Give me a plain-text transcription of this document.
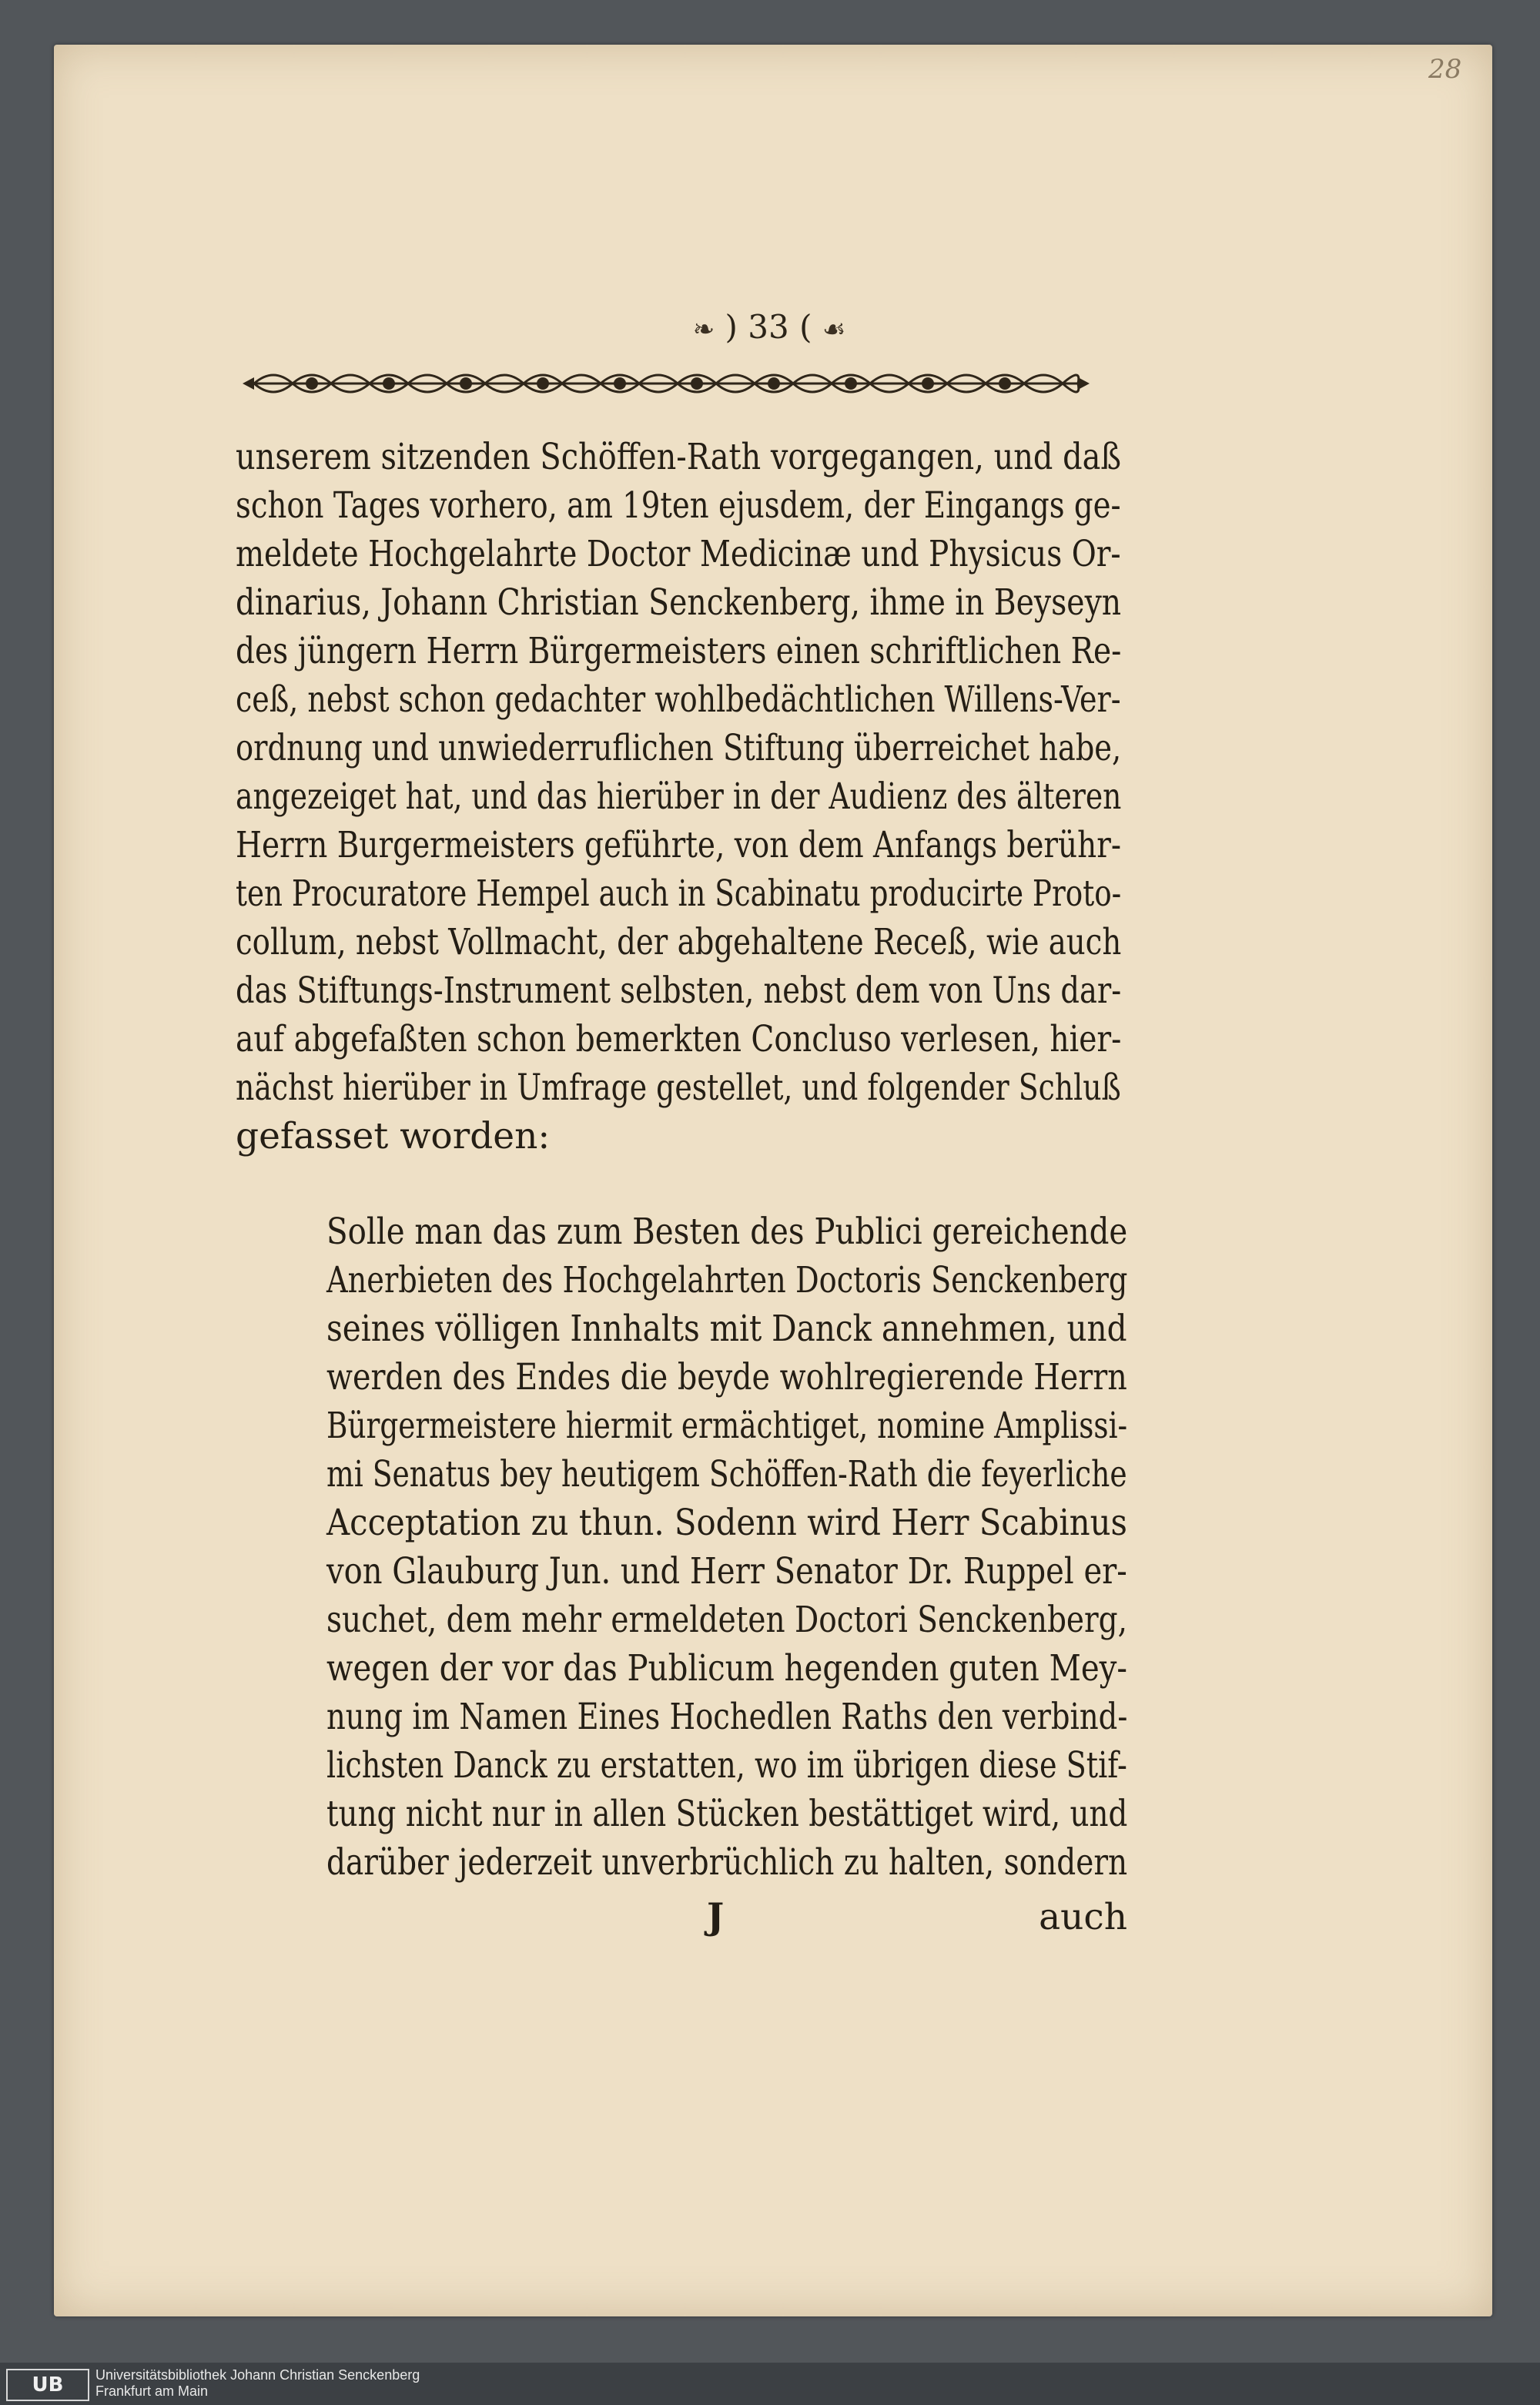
28
❧ ) 33 ( ☙
unserem sitzenden Schöffen-Rath vorgegangen, und daß
schon Tages vorhero, am 19ten ejusdem, der Eingangs ge-
meldete Hochgelahrte Doctor Medicinæ und Physicus Or-
dinarius, Johann Christian Senckenberg, ihme in Beyseyn
des jüngern Herrn Bürgermeisters einen schriftlichen Re-
ceß, nebst schon gedachter wohlbedächtlichen Willens-Ver-
ordnung und unwiederruflichen Stiftung überreichet habe,
angezeiget hat, und das hierüber in der Audienz des älteren
Herrn Burgermeisters geführte, von dem Anfangs berühr-
ten Procuratore Hempel auch in Scabinatu producirte Proto-
collum, nebst Vollmacht, der abgehaltene Receß, wie auch
das Stiftungs-Instrument selbsten, nebst dem von Uns dar-
auf abgefaßten schon bemerkten Concluso verlesen, hier-
nächst hierüber in Umfrage gestellet, und folgender Schluß
gefasset worden:
Solle man das zum Besten des Publici gereichende
Anerbieten des Hochgelahrten Doctoris Senckenberg
seines völligen Innhalts mit Danck annehmen, und
werden des Endes die beyde wohlregierende Herrn
Bürgermeistere hiermit ermächtiget, nomine Amplissi-
mi Senatus bey heutigem Schöffen-Rath die feyerliche
Acceptation zu thun. Sodenn wird Herr Scabinus
von Glauburg Jun. und Herr Senator Dr. Ruppel er-
suchet, dem mehr ermeldeten Doctori Senckenberg,
wegen der vor das Publicum hegenden guten Mey-
nung im Namen Eines Hochedlen Raths den verbind-
lichsten Danck zu erstatten, wo im übrigen diese Stif-
tung nicht nur in allen Stücken bestättiget wird, und
darüber jederzeit unverbrüchlich zu halten, sondern
J	auch
UB	Universitätsbibliothek Johann Christian Senckenberg
Frankfurt am Main
